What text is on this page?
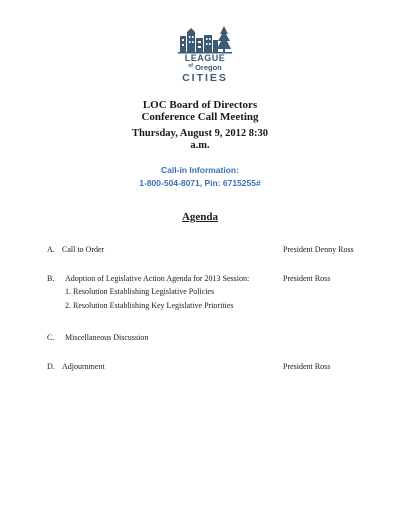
LEAGUE
$^{of}$ Oregon
CITIES
LOC Board of Directors
Conference Call Meeting
Thursday, August 9, 2012 8:30
a.m.
Call-in Information:
1-800-504-8071, Pin: 6715255#
Agenda
A. Call to Order	President Denny Ross
B. Adoption of Legislative Action Agenda for 2013 Session:	President Ross
1. Resolution Establishing Legislative Policies
2. Resolution Establishing Key Legislative Priorities
C. Miscellaneous Discussion
D. Adjournment	President Ross
